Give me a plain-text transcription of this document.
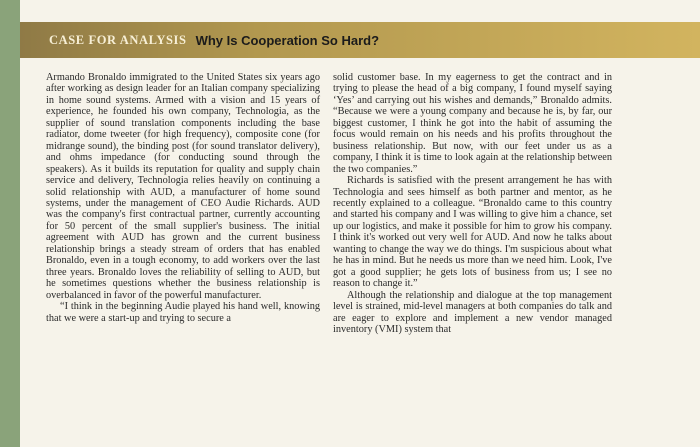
CASE FOR ANALYSIS Why Is Cooperation So Hard?

Armando Bronaldo immigrated to the United States six years ago after working as design leader for an Italian company specializing in home sound systems. Armed with a vision and 15 years of experience, he founded his own company, Technologia, as the supplier of sound translation components including the base radiator, dome tweeter (for high frequency), composite cone (for midrange sound), the binding post (for sound translator delivery), and ohms impedance (for conducting sound through the speakers). As it builds its reputation for quality and supply chain service and delivery, Technologia relies heavily on continuing a solid relationship with AUD, a manufacturer of home sound systems, under the management of CEO Audie Richards. AUD was the company's first contractual partner, currently accounting for 50 percent of the small supplier's business. The initial agreement with AUD has grown and the current business relationship brings a steady stream of orders that has enabled Bronaldo, even in a tough economy, to add workers over the last three years. Bronaldo loves the reliability of selling to AUD, but he sometimes questions whether the business relationship is overbalanced in favor of the powerful manufacturer.

“I think in the beginning Audie played his hand well, knowing that we were a start-up and trying to secure a

solid customer base. In my eagerness to get the contract and in trying to please the head of a big company, I found myself saying ‘Yes’ and carrying out his wishes and demands,” Bronaldo admits. “Because we were a young company and because he is, by far, our biggest customer, I think he got into the habit of assuming the focus would remain on his needs and his profits throughout the business relationship. But now, with our feet under us as a company, I think it is time to look again at the relationship between the two companies.”

Richards is satisfied with the present arrangement he has with Technologia and sees himself as both partner and mentor, as he recently explained to a colleague. “Bronaldo came to this country and started his company and I was willing to give him a chance, set up our logistics, and make it possible for him to grow his company. I think it's worked out very well for AUD. And now he talks about wanting to change the way we do things. I'm suspicious about what he has in mind. But he needs us more than we need him. Look, I've got a good supplier; he gets lots of business from us; I see no reason to change it.”

Although the relationship and dialogue at the top management level is strained, mid-level managers at both companies do talk and are eager to explore and implement a new vendor managed inventory (VMI) system that
